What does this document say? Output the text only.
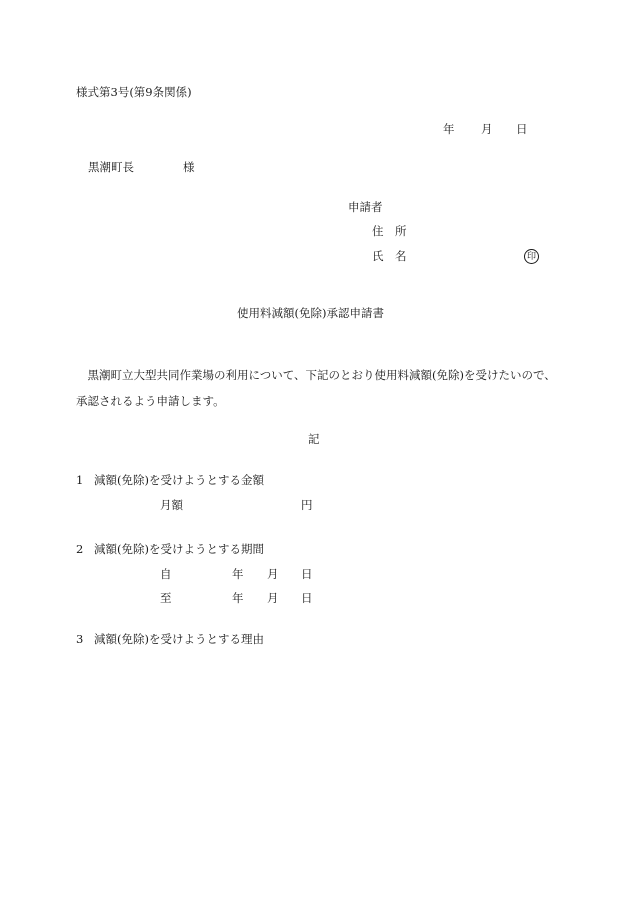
様式第3号(第9条関係)
年 月 日
黒潮町長	様
申請者
住　所
氏　名	印
使用料減額(免除)承認申請書
黒潮町立大型共同作業場の利用について、下記のとおり使用料減額(免除)を受けたいので、承認されるよう申請します。
記
1 減額(免除)を受けようとする金額
月額	円
2 減額(免除)を受けようとする期間
自	年 月 日
至	年 月 日
3 減額(免除)を受けようとする理由
